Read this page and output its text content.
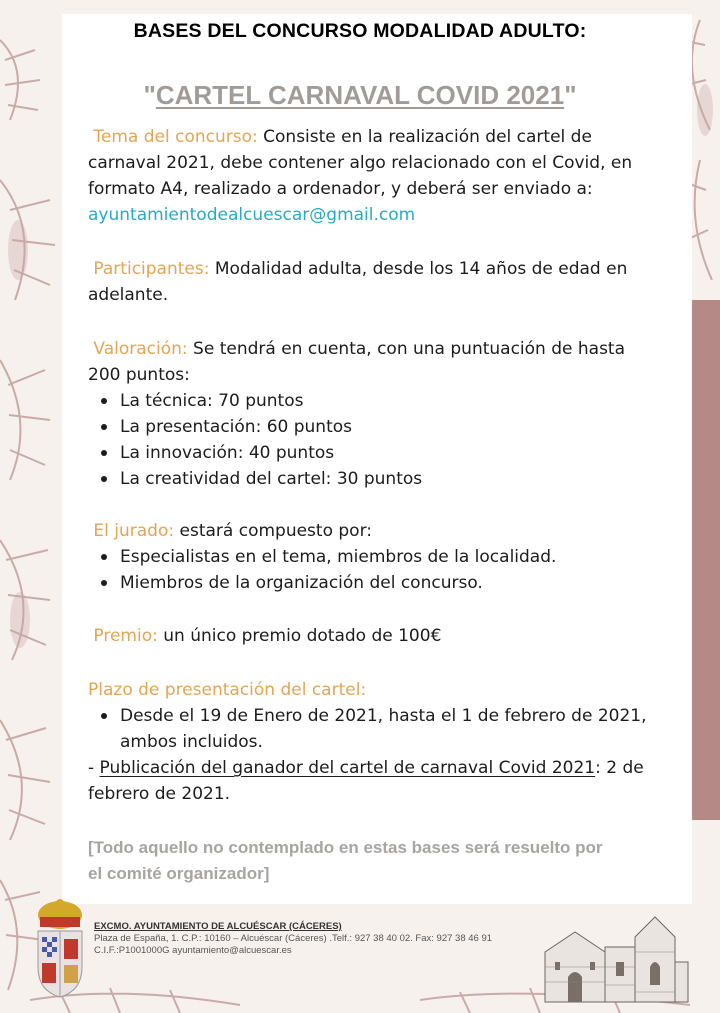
BASES DEL CONCURSO MODALIDAD ADULTO:
"CARTEL CARNAVAL COVID 2021"

Tema del concurso: Consiste en la realización del cartel de carnaval 2021, debe contener algo relacionado con el Covid, en formato A4, realizado a ordenador, y deberá ser enviado a: ayuntamientodealcuescar@gmail.com

Participantes: Modalidad adulta, desde los 14 años de edad en adelante.

Valoración: Se tendrá en cuenta, con una puntuación de hasta 200 puntos:

La técnica: 70 puntos
La presentación: 60 puntos
La innovación: 40 puntos
La creatividad del cartel: 30 puntos

El jurado: estará compuesto por:

Especialistas en el tema, miembros de la localidad.
Miembros de la organización del concurso.

Premio: un único premio dotado de 100€

Plazo de presentación del cartel:

Desde el 19 de Enero de 2021, hasta el 1 de febrero de 2021, ambos incluidos.

- Publicación del ganador del cartel de carnaval Covid 2021: 2 de febrero de 2021.

[Todo aquello no contemplado en estas bases será resuelto por el comité organizador]

EXCMO. AYUNTAMIENTO DE ALCUÉSCAR (CÁCERES)
Plaza de España, 1. C.P.: 10160 – Alcuéscar (Cáceres) .Telf.: 927 38 40 02. Fax: 927 38 46 91
C.I.F.:P1001000G ayuntamiento@alcuescar.es
